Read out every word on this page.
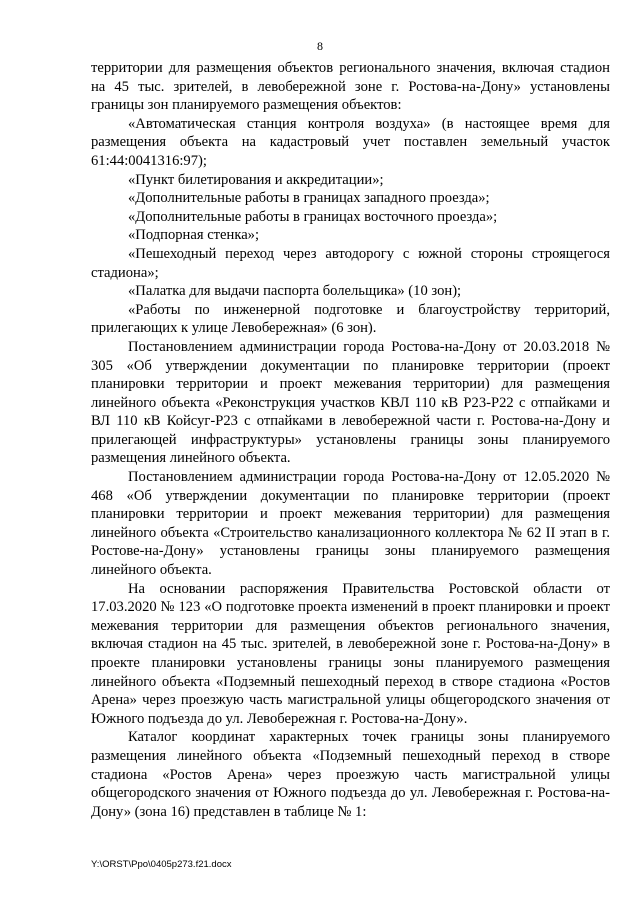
8

территории для размещения объектов регионального значения, включая стадион на 45 тыс. зрителей, в левобережной зоне г. Ростова-на-Дону» установлены границы зон планируемого размещения объектов:

«Автоматическая станция контроля воздуха» (в настоящее время для размещения объекта на кадастровый учет поставлен земельный участок 61:44:0041316:97);

«Пункт билетирования и аккредитации»;

«Дополнительные работы в границах западного проезда»;

«Дополнительные работы в границах восточного проезда»;

«Подпорная стенка»;

«Пешеходный переход через автодорогу с южной стороны строящегося стадиона»;

«Палатка для выдачи паспорта болельщика» (10 зон);

«Работы по инженерной подготовке и благоустройству территорий, прилегающих к улице Левобережная» (6 зон).

Постановлением администрации города Ростова-на-Дону от 20.03.2018 № 305 «Об утверждении документации по планировке территории (проект планировки территории и проект межевания территории) для размещения линейного объекта «Реконструкция участков КВЛ 110 кВ Р23-Р22 с отпайками и ВЛ 110 кВ Койсуг-Р23 с отпайками в левобережной части г. Ростова-на-Дону и прилегающей инфраструктуры» установлены границы зоны планируемого размещения линейного объекта.

Постановлением администрации города Ростова-на-Дону от 12.05.2020 № 468 «Об утверждении документации по планировке территории (проект планировки территории и проект межевания территории) для размещения линейного объекта «Строительство канализационного коллектора № 62 II этап в г. Ростове-на-Дону» установлены границы зоны планируемого размещения линейного объекта.

На основании распоряжения Правительства Ростовской области от 17.03.2020 № 123 «О подготовке проекта изменений в проект планировки и проект межевания территории для размещения объектов регионального значения, включая стадион на 45 тыс. зрителей, в левобережной зоне г. Ростова-на-Дону» в проекте планировки установлены границы зоны планируемого размещения линейного объекта «Подземный пешеходный переход в створе стадиона «Ростов Арена» через проезжую часть магистральной улицы общегородского значения от Южного подъезда до ул. Левобережная г. Ростова-на-Дону».

Каталог координат характерных точек границы зоны планируемого размещения линейного объекта «Подземный пешеходный переход в створе стадиона «Ростов Арена» через проезжую часть магистральной улицы общегородского значения от Южного подъезда до ул. Левобережная г. Ростова-на-Дону» (зона 16) представлен в таблице № 1:

Y:\ORST\Ppo\0405p273.f21.docx
